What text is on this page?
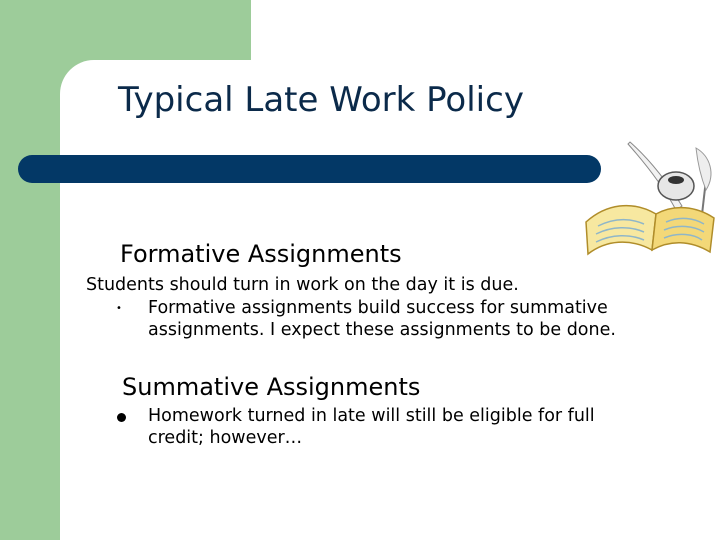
Typical Late Work Policy
Formative Assignments
Students should turn in work on the day it is due.
• Formative assignments build success for summative
assignments. I expect these assignments to be done.
Summative Assignments
Homework turned in late will still be eligible for full
credit; however…
